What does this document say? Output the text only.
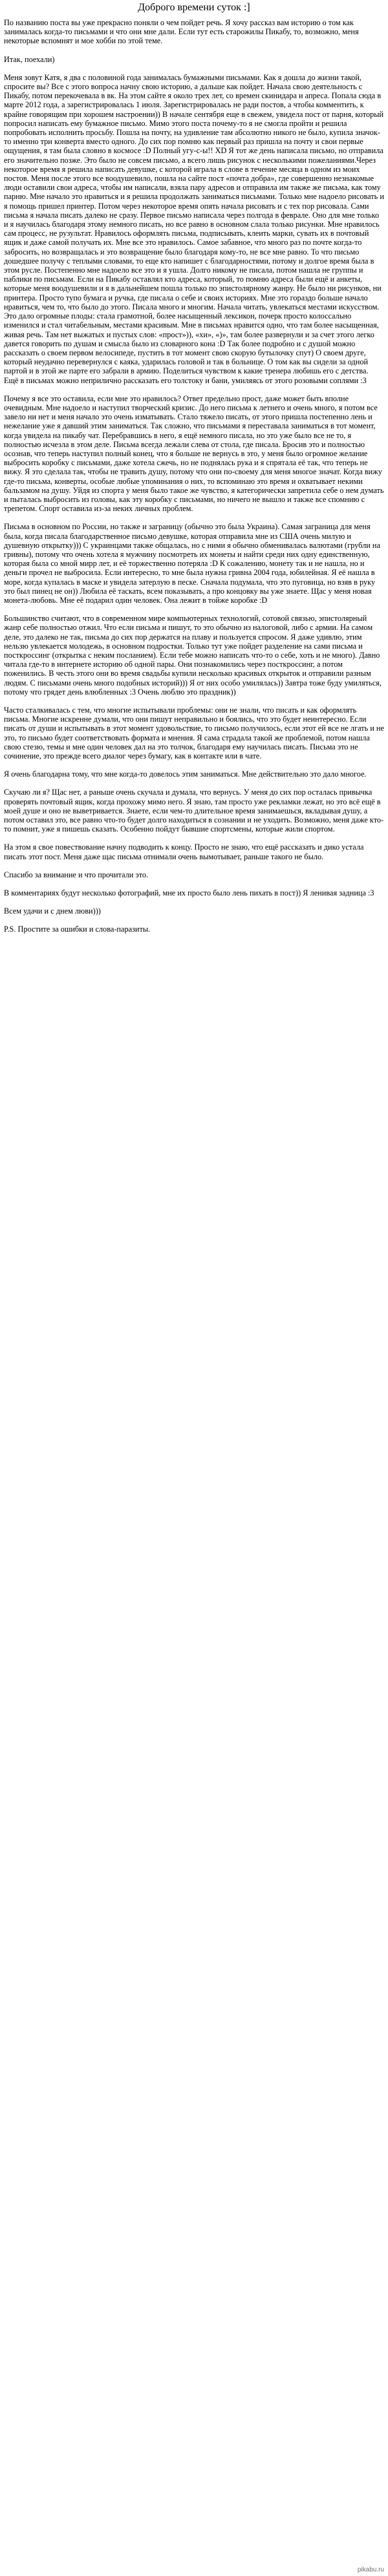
Доброго времени суток :]

По названию поста вы уже прекрасно поняли о чем пойдет речь. Я хочу рассказ вам историю о том как занималась когда-то письмами и что они мне дали. Если тут есть старожилы Пикабу, то, возможно, меня некоторые вспомнят и мое хобби по этой теме.

Итак, поехали)

Меня зовут Катя, я два с половиной года занималась бумажными письмами. Как я дошла до жизни такой, спросите вы? Все с этого вопроса начну свою историю, а дальше как пойдет. Начала свою деятельность с Пикабу, потом перекочевала в вк. На этом сайте я около трех лет, со времен скинидара и апреса. Попала сюда в марте 2012 года, а зарегистрировалась 1 июля. Зарегистрировалась не ради постов, а чтобы комментить, к крайне говорящим при хорошем настроении)) В начале сентября еще в свежем, увидела пост от парня, который попросил написать ему бумажное письмо. Мимо этого поста почему-то я не смогла пройти и решила попробовать исполнить просьбу. Пошла на почту, на удивление там абсолютно никого не было, купила значок-то именно три конверта вместо одного. До сих пор помню как первый раз пришла на почту и свои первые ощущения, я там была словно в космосе :D Полный угу-с-ы!! XD Я тот же день написала письмо, но отправила его значительно позже. Это было не совсем письмо, а всего лишь рисунок с несколькими пожеланиями.Через некоторое время я решила написать девушке, с которой играла в слове в течение месяца в одном из моих постов. Меня после этого все воодушевило, пошла на сайте пост «почта добра», где совершенно незнакомые люди оставили свои адреса, чтобы им написали, взяла пару адресов и отправила им также же письма, как тому парню. Мне начало это нравиться и я решила продолжать заниматься письмами. Только мне надоело рисовать и я помощь пришел принтер. Потом через некоторое время опять начала рисовать и с тех пор рисовала. Сами письма я начала писать далеко не сразу. Первое письмо написала через полгода в феврале. Оно для мне только и я научилась благодаря этому немного писать, но все равно в основном слала только рисунки. Мне нравилось сам процесс, не рузультат. Нравилось оформлять письма, подписывать, клеить марки, сувать их в почтовый ящик и даже самой получать их. Мне все это нравилось. Самое забавное, что много раз по почте когда-то забросить, но возвращалась и это возвращение было благодаря кому-то, не все мне равно. То что письмо дошедшее получу с теплыми словами, то еще кто напишет с благодарностями, потому и долгое время была в этом русле. Постепенно мне надоело все это и я ушла. Долго никому не писала, потом нашла не группы и паблики по письмам. Если на Пикабу оставлял кто адреса, который, то помню адреса были ещё и анкеты, которые меня воодушевили и я в дальнейшем пошла только по эпистолярному жанру. Не было ни рисунков, ни принтера. Просто тупо бумага и ручка, где писала о себе и своих историях. Мне это гораздо больше начало нравиться, чем то, что было до этого. Писала много и многим. Начала читать, увлекаться местами искусством. Это дало огромные плоды: стала грамотной, более насыщенный лексикон, почерк просто колоссально изменился и стал читабельным, местами красивым. Мне в письмах нравится одно, что там более насыщенная, живая речь. Там нет выжатых и пустых слов: «прост»)), «хи», «)», там более развернули и за счет этого легко давется говорить по душам и смысла было из словарного кона :D Так более подробно и с душой можно рассказать о своем первом велосипеде, пустить в тот момент свою скорую бутылочку спут) О своем друге, который неудачно перевернулся с каяка, ударилась головой и так в больнице. О том как вы сидели за одной партой и в этой же парте его забрали в армию. Поделиться чувством к какие тренера любишь его с детства. Ещё в письмах можно неприлично рассказать его толстоку и бани, умиляясь от этого розовыми соплями :3

Почему я все это оставила, если мне это нравилось? Ответ предельно прост, даже может быть вполне очевидным. Мне надоело и наступил творческий кризис. До него письма к летнего и очень много, я потом все завело ни нет и меня начало это очень изматывать. Стало тяжело писать, от этого пришла постепенно лень и нежелание уже я давший этим заниматься. Так сложно, что письмами я переставала заниматься в тот момент, когда увидела на пикабу чат. Перебравшись в него, я ещё немного писала, но это уже было все не то, я полностью исчезла в этом деле. Письма всегда лежали слева от стола, где писала. Бросив это и полностью осознав, что теперь наступил полный конец, что я больше не вернусь в это, у меня было огромное желание выбросить коробку с письмами, даже хотела сжечь, но не поднялась рука и я спрятала её так, что теперь не вижу. Я это сделала так, чтобы не травить душу, потому что они по-своему для меня многое значат. Когда вижу где-то письма, конверты, особые любые упоминания о них, то вспоминаю это время и охватывает некими бальзамом на душу. Уйдя из спорта у меня было такое же чувство, я категорически запретила себе о нем думать и пыталась выбросить из головы, как эту коробку с письмами, но ничего не вышло и также все спомнию с трепетом. Спорт оставила из-за неких личных проблем.

Письма в основном по России, но также и заграницу (обычно это была Украина). Самая заграница для меня была, когда писала благодарственное письмо девушке, которая отправила мне из США очень милую и душевную открытку))) С украинцами также общалась, но с ними я обычно обменивалась валютами (грубли на гривны), потому что очень хотела я мужчину посмотреть их монеты и найти среди них одну единственную, которая была со мной мирр лет, и её торжественно потеряла :D К сожалению, монету так и не нашла, но и деньги прочел не выбросила. Если интересно, то мне была нужна гривна 2004 года, юбилейная. Я её нашла в море, когда купалась в маске и увидела затерлую в песке. Сначала подумала, что это пуговица, но взяв в руку это был пинец не он)) Любила её таскать, всем показывать, а про концовку вы уже знаете. Щас у меня новая монета-любовь. Мне её подарил один человек. Она лежит в тойже коробке :D

Большинство считают, что в современном мире компьютерных технологий, сотовой связью, эпистолярный жанр себе полностью отжил. Что если письма и пишут, то это обычно из налоговой, либо с армии. На самом деле, это далеко не так, письма до сих пор держатся на плаву и пользуется спросом. Я даже удивлю, этим нельзю увлекается молодежь, в основном подростки. Только тут уже пойдет разделение на сами письма и посткроссинг (открытка с неким посланием). Если тебе можно написать что-то о себе, хоть и не много). Давно читала где-то в интернете историю об одной пары. Они познакомились через посткроссинг, а потом поженились. В честь этого они во время свадьбы купили несколько красивых открыток и отправили разным людям. С письмами очень много подобных историй))) Я от них особо умилялась)) Завтра тоже буду умиляться, потому что грядет день влюбленных :3 Очень люблю это праздник))

Часто сталкивалась с тем, что многие испытывали проблемы: они не знали, что писать и как оформлять письма. Многие искренне думали, что они пишут неправильно и боялись, что это будет неинтересно. Если писать от души и испытывать в этот момент удовольствие, то письмо получилось, если этот ей все не лгать и не это, то письмо будет соответствовать формата и мнения. Я сама страдала такой же проблемой, потом нашла свою стезю, темы и мне один человек дал на это толчок, благодаря ему научилась писать. Письма это не сочинение, это прежде всего диалог через бумагу, как в контакте или в чате.

Я очень благодарна тому, что мне когда-то довелось этим заниматься. Мне действительно это дало многое.

Скучаю ли я? Щас нет, а раньше очень скучала и думала, что вернусь. У меня до сих пор осталась привычка проверять почтовый ящик, когда прохожу мимо него. Я знаю, там просто уже рекламки лежат, но это всё ещё в моей душе и оно не выветривается. Знаете, если чем-то длительное время занимаешься, вкладывая душу, а потом оставил это, все равно что-то будет долго находиться в сознании и не уходить. Возможно, меня даже кто-то помнит, уже я пишешь сказать. Особенно пойдут бывшие спортсмены, которые жили спортом.

На этом я свое повествование начну подводить к концу. Просто не знаю, что ещё рассказать и дико устала писать этот пост. Меня даже щас письма отнимали очень вымотывает, раньше такого не было.

Спасибо за внимание и что прочитали это.

В комментариях будут несколько фотографий, мне их просто было лень пихать в пост)) Я ленивая задница :3

Всем удачи и с днем люви)))

P.S. Простите за ошибки и слова-паразиты.

pikabu.ru
